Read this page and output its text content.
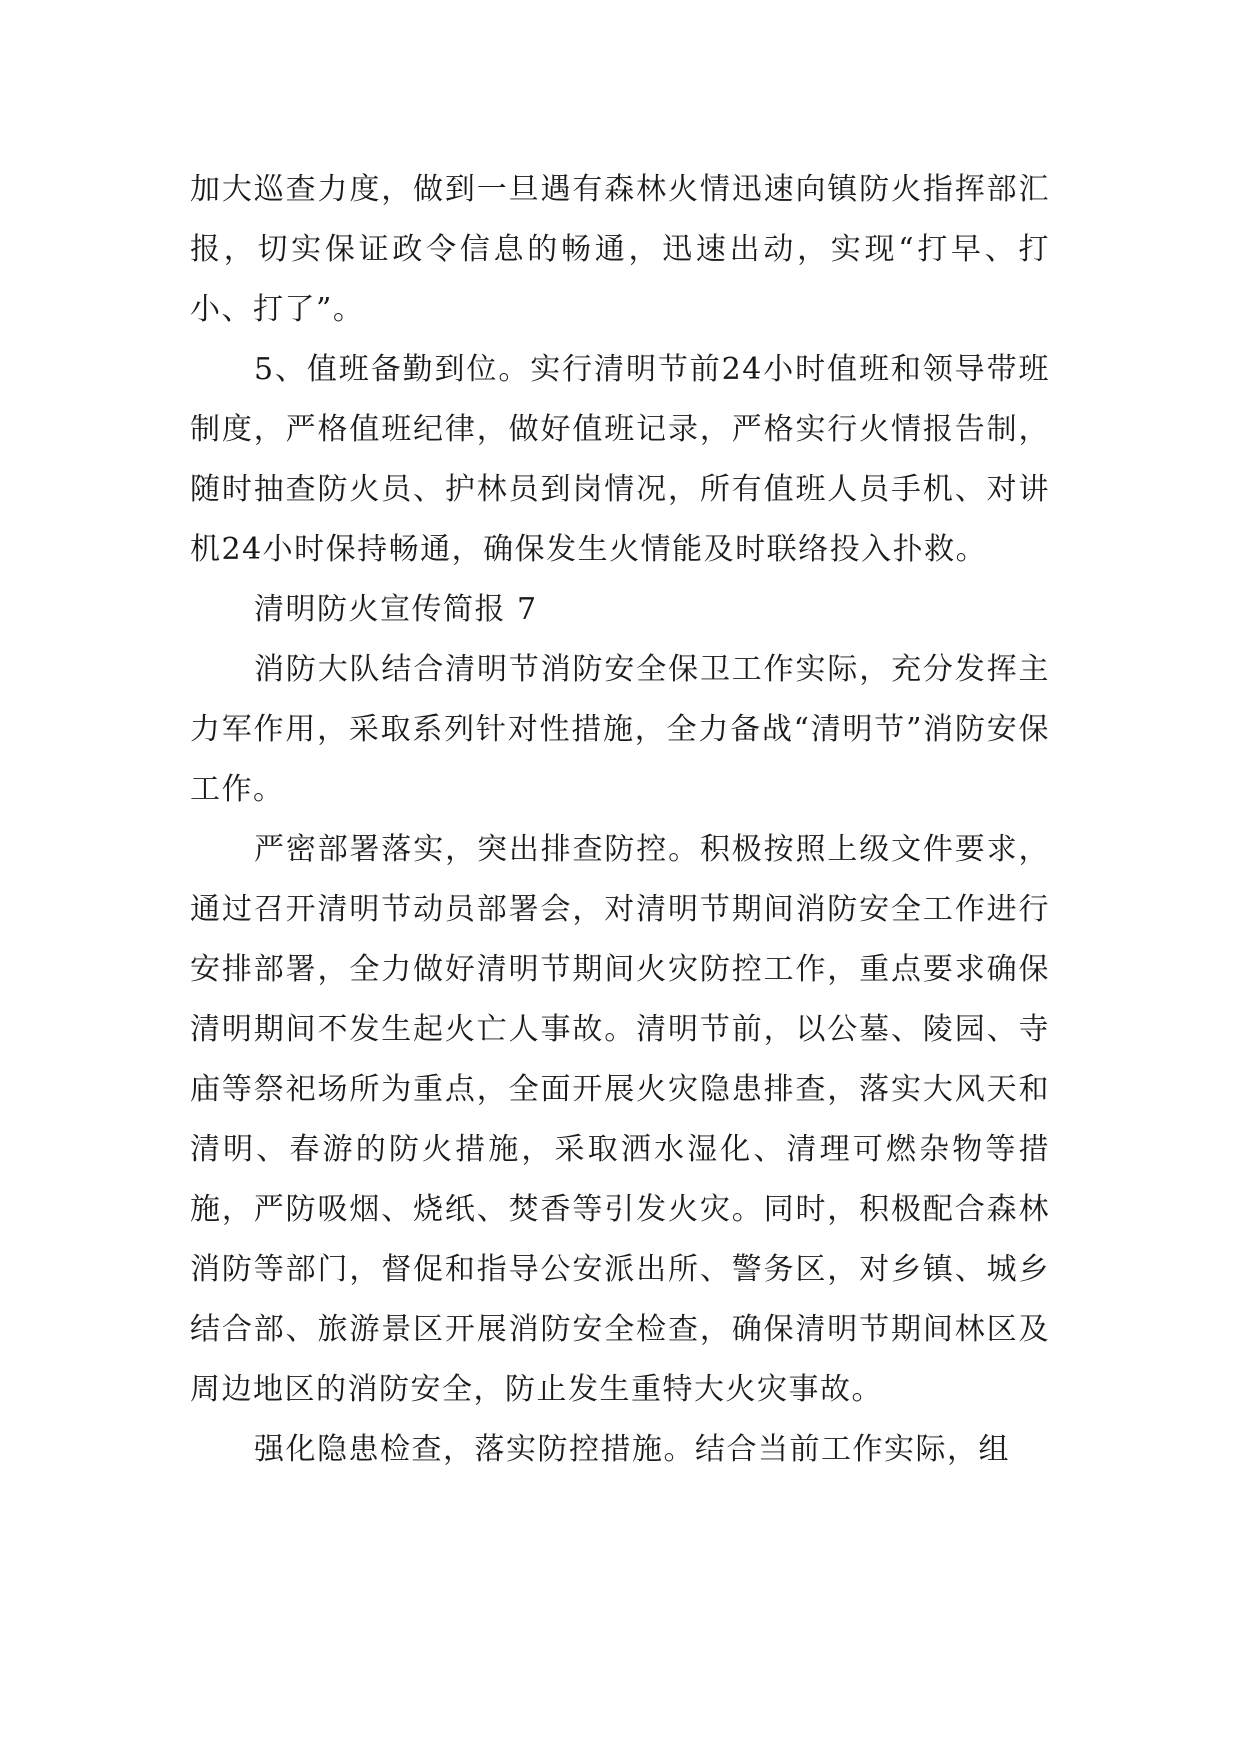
加大巡查力度，做到一旦遇有森林火情迅速向镇防火指挥部汇报，切实保证政令信息的畅通，迅速出动，实现“打早、打小、打了”。

5、值班备勤到位。实行清明节前24小时值班和领导带班制度，严格值班纪律，做好值班记录，严格实行火情报告制，随时抽查防火员、护林员到岗情况，所有值班人员手机、对讲机24小时保持畅通，确保发生火情能及时联络投入扑救。

清明防火宣传简报 7

消防大队结合清明节消防安全保卫工作实际，充分发挥主力军作用，采取系列针对性措施，全力备战“清明节”消防安保工作。

严密部署落实，突出排查防控。积极按照上级文件要求，通过召开清明节动员部署会，对清明节期间消防安全工作进行安排部署，全力做好清明节期间火灾防控工作，重点要求确保清明期间不发生起火亡人事故。清明节前，以公墓、陵园、寺庙等祭祀场所为重点，全面开展火灾隐患排查，落实大风天和清明、春游的防火措施，采取洒水湿化、清理可燃杂物等措施，严防吸烟、烧纸、焚香等引发火灾。同时，积极配合森林消防等部门，督促和指导公安派出所、警务区，对乡镇、城乡结合部、旅游景区开展消防安全检查，确保清明节期间林区及周边地区的消防安全，防止发生重特大火灾事故。

强化隐患检查，落实防控措施。结合当前工作实际，组
